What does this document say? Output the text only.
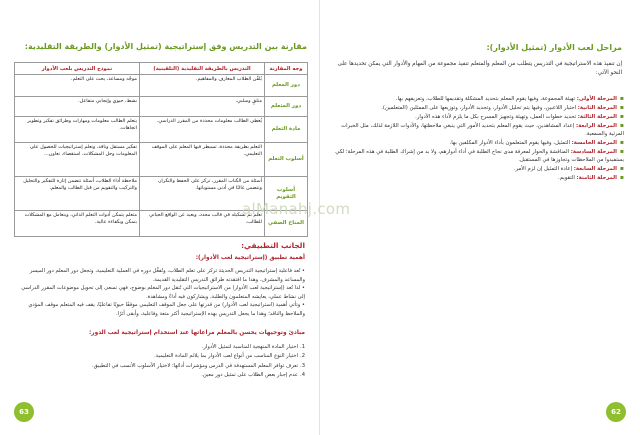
مقارنة بين التدريس وفق إستراتيجية (تمثيل الأدوار) والطريقة التقليدية:
وجه المقارنة	التدريس بالطريقة التقليدية (التلقينية)	نموذج التدريس بلعب الأدوار
دور المعلم	يُلقّن الطلاب المعارف والمفاهيم.	موجّه ومساعد، يحث على التعلم.
دور المتعلم	متلقٍ وسلبي.	نشط، حيوي وإيجابي متفاعل.
مادة التعلم	يُعطى الطالب معلومات محددة من المقرر الدراسي.	يتعلم الطالب معلومات ومهارات وطرائق تفكير وتطوير اتجاهات.
أسلوب التعلم	التعلم بطريقة محددة، تسيطر فيها المعلم على الموقف التعليمي.	تفكير مستقل وناقد، وتعلم إستراتيجيات للحصول على المعلومات وحل المشكلات، استقصاء، تعاون...
أسلوب التقويم	أسئلة من الكتاب المقرر، تركز على الحفظ والتكرار، وتتضمن غالبًا في أدنى مستوياتها.	ملاحظة أداء الطلاب، أسئلة تتضمن إثارة للتفكير والتحليل والتركيب والتقويم من قبل الطالب والمعلم.
المناخ الصفي	تعلم تم تشكيله في قالب محدد، وبعيد عن الواقع الحياتي للطالب.	متعلم يتمكن أدوات التعلم الذاتي، ويتعامل مع المشكلات بتمكن وبكفاءة عالية.
الجانب التطبيقي:
أهمية تطبيق (إستراتيجية لعب الأدوار):

• تُعد فاعلية إستراتيجية التدريس الحديثة تركز على تعلم الطلاب، وتُفعِّل دوره في العملية التعليمية، وتجعل دور المعلم دور الميسر والمساعد والمشرف. وهذا ما افتقدته طرائق التدريس التقليدية القديمة.

• لذا تُعد (إستراتيجية لعب الأدوار) من الاستراتيجيات التي تُنقل دور المعلم بوضوح، فهي تسعى إلى تحويل موضوعات المقرر الدراسي إلى نشاط عملي، يعايشه المتعلمون والطلبة، ويشاركون فيه أداءً ومشاهدة.

• وتأتي أهمية (استراتيجية لعب الأدوار) من قدرتها على جعل الموقف التعليمي موقفًا حيويًا تفاعليًا، يقف فيه المتعلم موقف المؤدي والملاحظ والناقد؛ وهذا ما يجعل التدريس بهذه الإستراتيجية أكثر متعة وفاعلية، وأبقى أثرًا.

مبادئ وتوجيهات يحسن بالمعلم مراعاتها عند استخدام إستراتيجية لعب الدور:
1.اختيار المادة المنهجية المناسبة لتمثيل الأدوار.
2.اختيار النوع المناسب من أنواع لعب الأدوار بما يلائم المادة التعليمية.
3.تعرف توافر المعلم المستهدفة في الدرس ومؤشرات أدائها؛ لاختيار الأسلوب الأنسب في التطبيق.
4.عدم إجبار بعض الطلاب على تمثيل دور معين.
63
مراحل لعب الأدوار (تمثيل الأدوار):

إن تنفيذ هذه الاستراتيجية في التدريس يتطلب من المعلم والمتعلم تنفيذ مجموعة من المهام والأدوار التي يمكن تحديدها على النحو الآتي:

▪المرحلة الأولى: تهيئة المجموعة، وفيها يقوم المعلم بتحديد المشكلة وتقديمها للطلاب، وتعريفهم بها.
▪المرحلة الثانية: اختيار اللاعبين، وفيها يتم تحليل الأدوار، وتحديد الأدوار، وتوزيعها على الممثلين (المتعلمين).
▪المرحلة الثالثة: تحديد خطوات العمل، وتهيئة وتجهيز المسرح بكل ما يلزم لأداء هذه الأدوار.
▪المرحلة الرابعة: إعداد المشاهدين، حيث يقوم المعلم بتحديد الأمور التي ينبغي ملاحظتها، والأدوات اللازمة لذلك، مثل الخبرات المرئية والسمعية.
▪المرحلة الخامسة: التمثيل، وفيها يقوم المتعلمون بأداء الأدوار المكلفين بها.
▪المرحلة السادسة: المناقشة والحوار لمعرفة مدى نجاح الطلبة في أداء أدوارهم، ولا بد من إشراك الطلبة في هذه المرحلة؛ لكي يستفيدوا من الملاحظات وتجاوزها في المستقبل.
▪المرحلة السابعة: إعادة التمثيل إن لزم الأمر.
▪المرحلة الثامنة: التقويم.
62
alManahj.com
